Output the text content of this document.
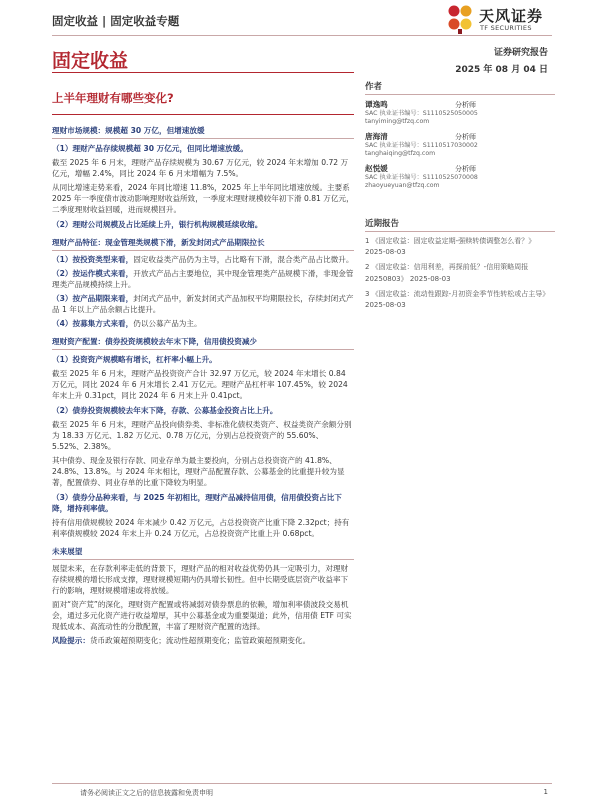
固定收益 | 固定收益专题	天风证券
TF SECURITIES
固定收益	证券研究报告
2025 年 08 月 04 日
上半年理财有哪些变化?
理财市场规模：规模超 30 万亿，但增速放缓
（1）理财产品存续规模超 30 万亿元，但同比增速放缓。
截至 2025 年 6 月末，理财产品存续规模为 30.67 万亿元，较 2024 年末增加 0.72 万亿元，增幅 2.4%，同比 2024 年 6 月末增幅为 7.5%。
从同比增速走势来看，2024 年同比增速 11.8%，2025 年上半年同比增速放缓。主要系 2025 年一季度债市波动影响理财收益所致，一季度末理财规模较年初下滑 0.81 万亿元，二季度理财收益回暖，进而规模回升。
（2）理财公司规模及占比延续上升，银行机构规模延续收缩。
理财产品特征：现金管理类规模下滑，新发封闭式产品期限拉长
（1）按投资类型来看，固定收益类产品仍为主导，占比略有下滑，混合类产品占比微升。
（2）按运作模式来看，开放式产品占主要地位，其中现金管理类产品规模下滑，非现金管理类产品规模持续上升。
（3）按产品期限来看，封闭式产品中，新发封闭式产品加权平均期限拉长，存续封闭式产品 1 年以上产品余额占比提升。
（4）按募集方式来看，仍以公募产品为主。
理财资产配置：债券投资规模较去年末下降，信用债投资减少
（1）投资资产规模略有增长，杠杆率小幅上升。
截至 2025 年 6 月末，理财产品投资资产合计 32.97 万亿元，较 2024 年末增长 0.84 万亿元，同比 2024 年 6 月末增长 2.41 万亿元。理财产品杠杆率 107.45%，较 2024 年末上升 0.31pct，同比 2024 年 6 月末上升 0.41pct。
（2）债券投资规模较去年末下降，存款、公募基金投资占比上升。
截至 2025 年 6 月末，理财产品投向债券类、非标准化债权类资产、权益类资产余额分别为 18.33 万亿元、1.82 万亿元、0.78 万亿元，分别占总投资资产的 55.60%、5.52%、2.38%。
其中债券、现金及银行存款、同业存单为最主要投向，分别占总投资资产的 41.8%、24.8%、13.8%。与 2024 年末相比，理财产品配置存款、公募基金的比重提升较为显著，配置债券、同业存单的比重下降较为明显。
（3）债券分品种来看，与 2025 年初相比，理财产品减持信用债，信用债投资占比下降，增持利率债。
持有信用债规模较 2024 年末减少 0.42 万亿元，占总投资资产比重下降 2.32pct；持有利率债规模较 2024 年末上升 0.24 万亿元，占总投资资产比重上升 0.68pct。
未来展望
展望未来，在存款利率走低的背景下，理财产品的相对收益优势仍具一定吸引力，对理财存续规模的增长形成支撑，理财规模短期内仍具增长韧性。但中长期受底层资产收益率下行的影响，理财规模增速或将放缓。
面对“资产荒”的深化，理财资产配置或将减弱对债券票息的依赖，增加利率债波段交易机会，通过多元化资产进行收益增厚，其中公募基金或为重要渠道；此外，信用债 ETF 可实现低成本、高流动性的分散配置，丰富了理财资产配置的选择。
风险提示：货币政策超预期变化；流动性超预期变化；监管政策超预期变化。
作者
谭逸鸣	分析师
SAC 执业证书编号：S1110525050005
tanyiming@tfzq.com
唐海清	分析师
SAC 执业证书编号：S1110517030002
tanghaiqing@tfzq.com
赵悦媛	分析师
SAC 执业证书编号：S1110525070008
zhaoyueyuan@tfzq.com
近期报告
1 《固定收益：固定收益定期-强赎转债调整怎么看？》 2025-08-03
2 《固定收益：信用利差，再探前低？-信用策略周报 20250803》 2025-08-03
3 《固定收益：流动性跟踪-月初资金季节性转松或占主导》 2025-08-03
请务必阅读正文之后的信息披露和免责申明	1
